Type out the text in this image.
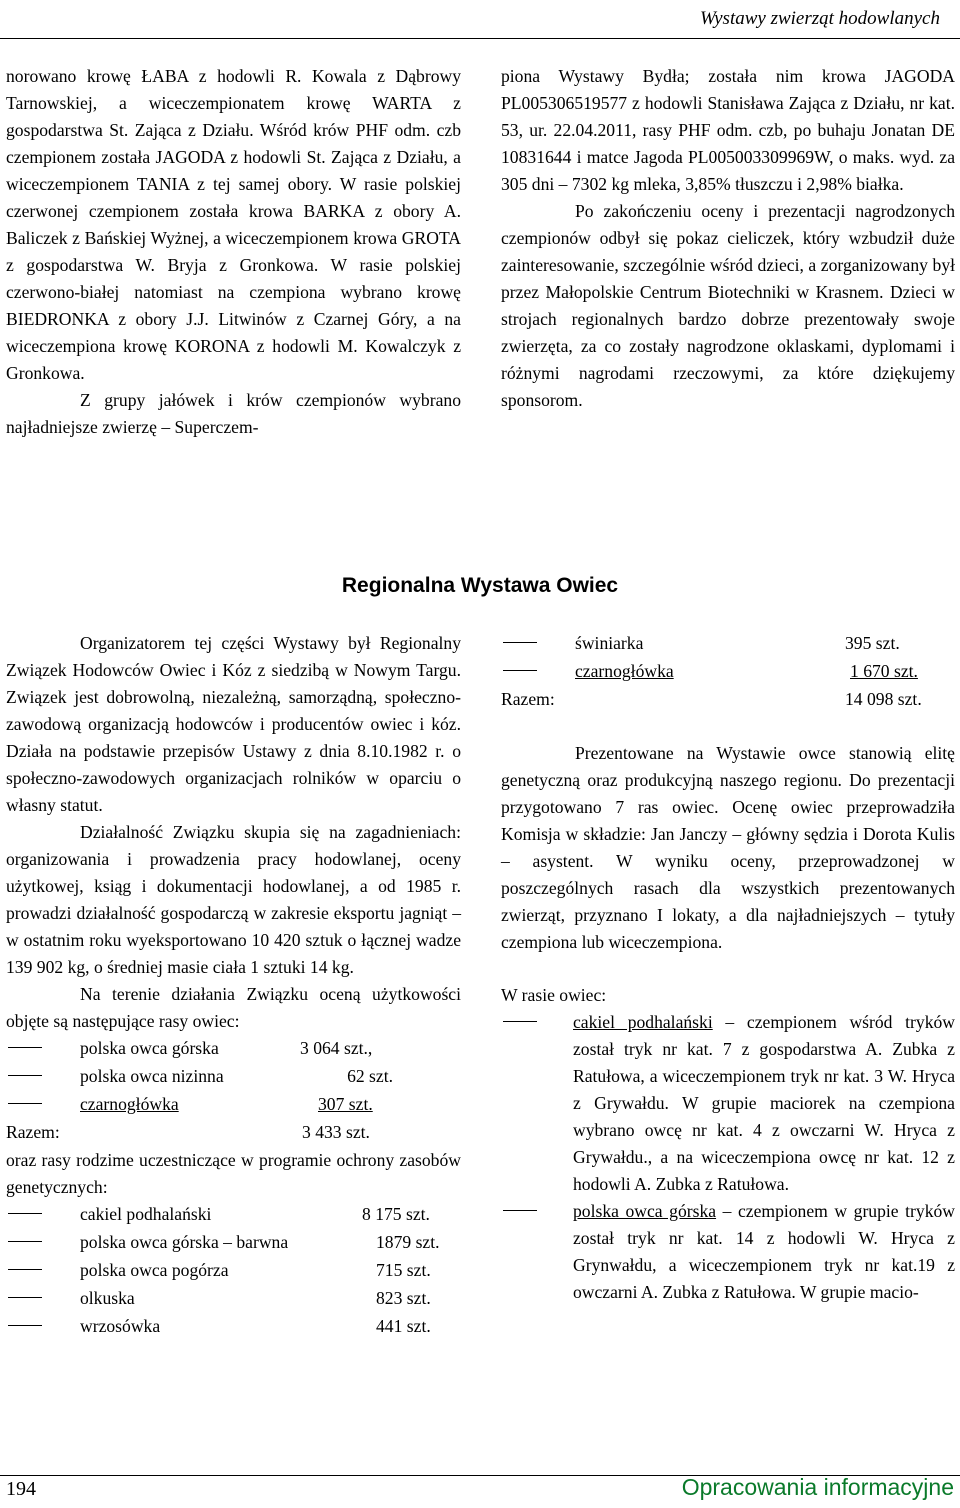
Wystawy zwierząt hodowlanych

norowano krowę ŁABA z hodowli R. Kowala z Dąbrowy Tarnowskiej, a wiceczempionatem krowę WARTA z gospodarstwa St. Zająca z Działu. Wśród krów PHF odm. czb czempionem została JAGODA z hodowli St. Zająca z Działu, a wiceczempionem TANIA z tej samej obory. W rasie polskiej czerwonej czempionem została krowa BARKA z obory A. Baliczek z Bańskiej Wyżnej, a wiceczempionem krowa GROTA z gospodarstwa W. Bryja z Gronkowa. W rasie polskiej czerwono-białej natomiast na czempiona wybrano krowę BIEDRONKA z obory J.J. Litwinów z Czarnej Góry, a na wiceczempiona krowę KORONA z hodowli M. Kowalczyk z Gronkowa.

Z grupy jałówek i krów czempionów wybrano najładniejsze zwierzę – Superczem-

piona Wystawy Bydła; została nim krowa JAGODA PL005306519577 z hodowli Stanisława Zająca z Działu, nr kat. 53, ur. 22.04.2011, rasy PHF odm. czb, po buhaju Jonatan DE 10831644 i matce Jagoda PL005003309969W, o maks. wyd. za 305 dni – 7302 kg mleka, 3,85% tłuszczu i 2,98% białka.

Po zakończeniu oceny i prezentacji nagrodzonych czempionów odbył się pokaz cieliczek, który wzbudził duże zainteresowanie, szczególnie wśród dzieci, a zorganizowany był przez Małopolskie Centrum Biotechniki w Krasnem. Dzieci w strojach regionalnych bardzo dobrze prezentowały swoje zwierzęta, za co zostały nagrodzone oklaskami, dyplomami i różnymi nagrodami rzeczowymi, za które dziękujemy sponsorom.

Regionalna Wystawa Owiec

Organizatorem tej części Wystawy był Regionalny Związek Hodowców Owiec i Kóz z siedzibą w Nowym Targu. Związek jest dobrowolną, niezależną, samorządną, społeczno-zawodową organizacją hodowców i producentów owiec i kóz. Działa na podstawie przepisów Ustawy z dnia 8.10.1982 r. o społeczno-zawodowych organizacjach rolników w oparciu o własny statut.

Działalność Związku skupia się na zagadnieniach: organizowania i prowadzenia pracy hodowlanej, oceny użytkowej, ksiąg i dokumentacji hodowlanej, a od 1985 r. prowadzi działalność gospodarczą w zakresie eksportu jagniąt – w ostatnim roku wyeksportowano 10 420 sztuk o łącznej wadze 139 902 kg, o średniej masie ciała 1 sztuki 14 kg.

Na terenie działania Związku oceną użytkowości objęte są następujące rasy owiec:

polska owca górska	3 064 szt.,
polska owca nizinna	62 szt.
czarnogłówka	307 szt.
Razem:	3 433 szt.

oraz rasy rodzime uczestniczące w programie ochrony zasobów genetycznych:

cakiel podhalański	8 175 szt.
polska owca górska – barwna	1879 szt.
polska owca pogórza	715 szt.
olkuska	823 szt.
wrzosówka	441 szt.
świniarka	395 szt.
czarnogłówka	1 670 szt.
Razem:	14 098 szt.

Prezentowane na Wystawie owce stanowią elitę genetyczną oraz produkcyjną naszego regionu. Do prezentacji przygotowano 7 ras owiec. Ocenę owiec przeprowadziła Komisja w składzie: Jan Janczy – główny sędzia i Dorota Kulis – asystent. W wyniku oceny, przeprowadzonej w poszczególnych rasach dla wszystkich prezentowanych zwierząt, przyznano I lokaty, a dla najładniejszych – tytuły czempiona lub wiceczempiona.

W rasie owiec:

cakiel podhalański – czempionem wśród tryków został tryk nr kat. 7 z gospodarstwa A. Zubka z Ratułowa, a wiceczempionem tryk nr kat. 3 W. Hryca z Grywałdu. W grupie maciorek na czempiona wybrano owcę nr kat. 4 z owczarni W. Hryca z Grywałdu., a na wiceczempiona owcę nr kat. 12 z hodowli A. Zubka z Ratułowa.

polska owca górska – czempionem w grupie tryków został tryk nr kat. 14 z hodowli W. Hryca z Grynwałdu, a wiceczempionem tryk nr kat.19 z owczarni A. Zubka z Ratułowa. W grupie macio-

194	Opracowania informacyjne
